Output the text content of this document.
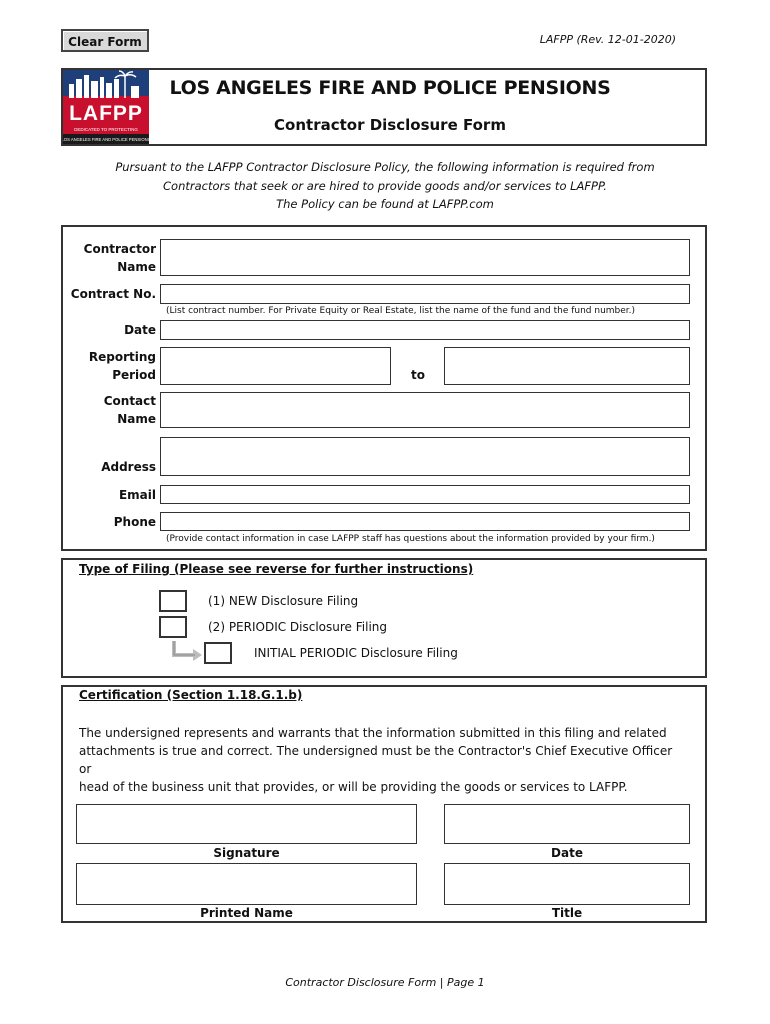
Clear Form	LAFPP (Rev. 12-01-2020)
LAFPP
DEDICATED TO PROTECTING
LOS ANGELES FIRE AND POLICE PENSIONS
LOS ANGELES FIRE AND POLICE PENSIONS
Contractor Disclosure Form
Pursuant to the LAFPP Contractor Disclosure Policy, the following information is required from
Contractors that seek or are hired to provide goods and/or services to LAFPP.
The Policy can be found at LAFPP.com
Contractor
Name
Contract No.
(List contract number. For Private Equity or Real Estate, list the name of the fund and the fund number.)
Date
Reporting
Period	to
Contact
Name
Address
Email
Phone
(Provide contact information in case LAFPP staff has questions about the information provided by your firm.)
Type of Filing (Please see reverse for further instructions)
(1) NEW Disclosure Filing
(2) PERIODIC Disclosure Filing
INITIAL PERIODIC Disclosure Filing
Certification (Section 1.18.G.1.b)
The undersigned represents and warrants that the information submitted in this filing and related
attachments is true and correct. The undersigned must be the Contractor's Chief Executive Officer or
head of the business unit that provides, or will be providing the goods or services to LAFPP.
Signature	Date
Printed Name	Title
Contractor Disclosure Form | Page 1
